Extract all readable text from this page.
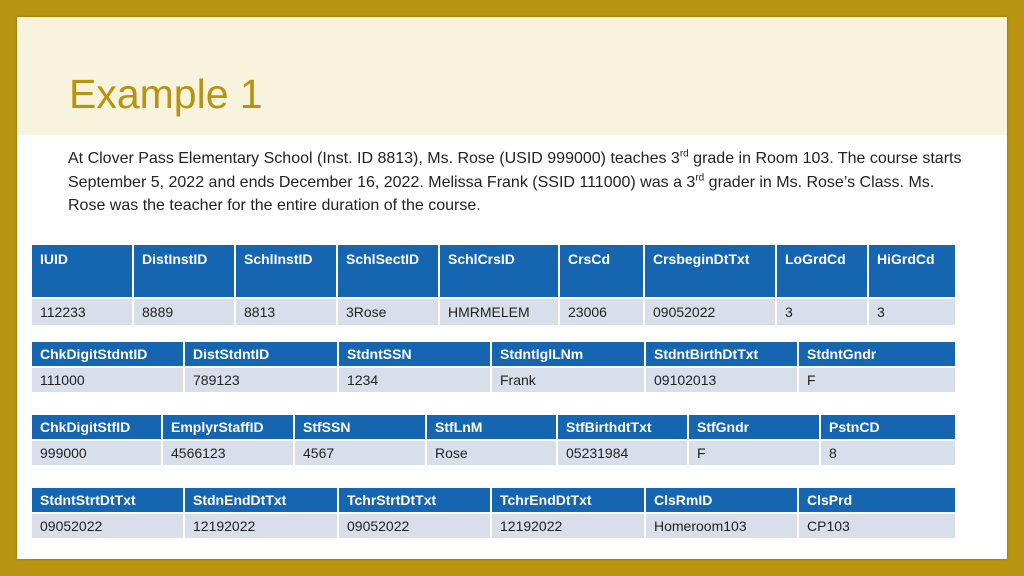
Example 1

At Clover Pass Elementary School (Inst. ID 8813), Ms. Rose (USID 999000) teaches 3rd grade in Room 103. The course starts September 5, 2022 and ends December 16, 2022. Melissa Frank (SSID 111000) was a 3rd grader in Ms. Rose’s Class. Ms. Rose was the teacher for the entire duration of the course.

IUID	DistInstID	SchlInstID	SchlSectID	SchlCrsID	CrsCd	CrsbeginDtTxt	LoGrdCd	HiGrdCd
112233	8889	8813	3Rose	HMRMELEM	23006	09052022	3	3
ChkDigitStdntID	DistStdntID	StdntSSN	StdntlglLNm	StdntBirthDtTxt	StdntGndr
111000	789123	1234	Frank	09102013	F
ChkDigitStfID	EmplyrStaffID	StfSSN	StfLnM	StfBirthdtTxt	StfGndr	PstnCD
999000	4566123	4567	Rose	05231984	F	8
StdntStrtDtTxt	StdnEndDtTxt	TchrStrtDtTxt	TchrEndDtTxt	ClsRmID	ClsPrd
09052022	12192022	09052022	12192022	Homeroom103	CP103
